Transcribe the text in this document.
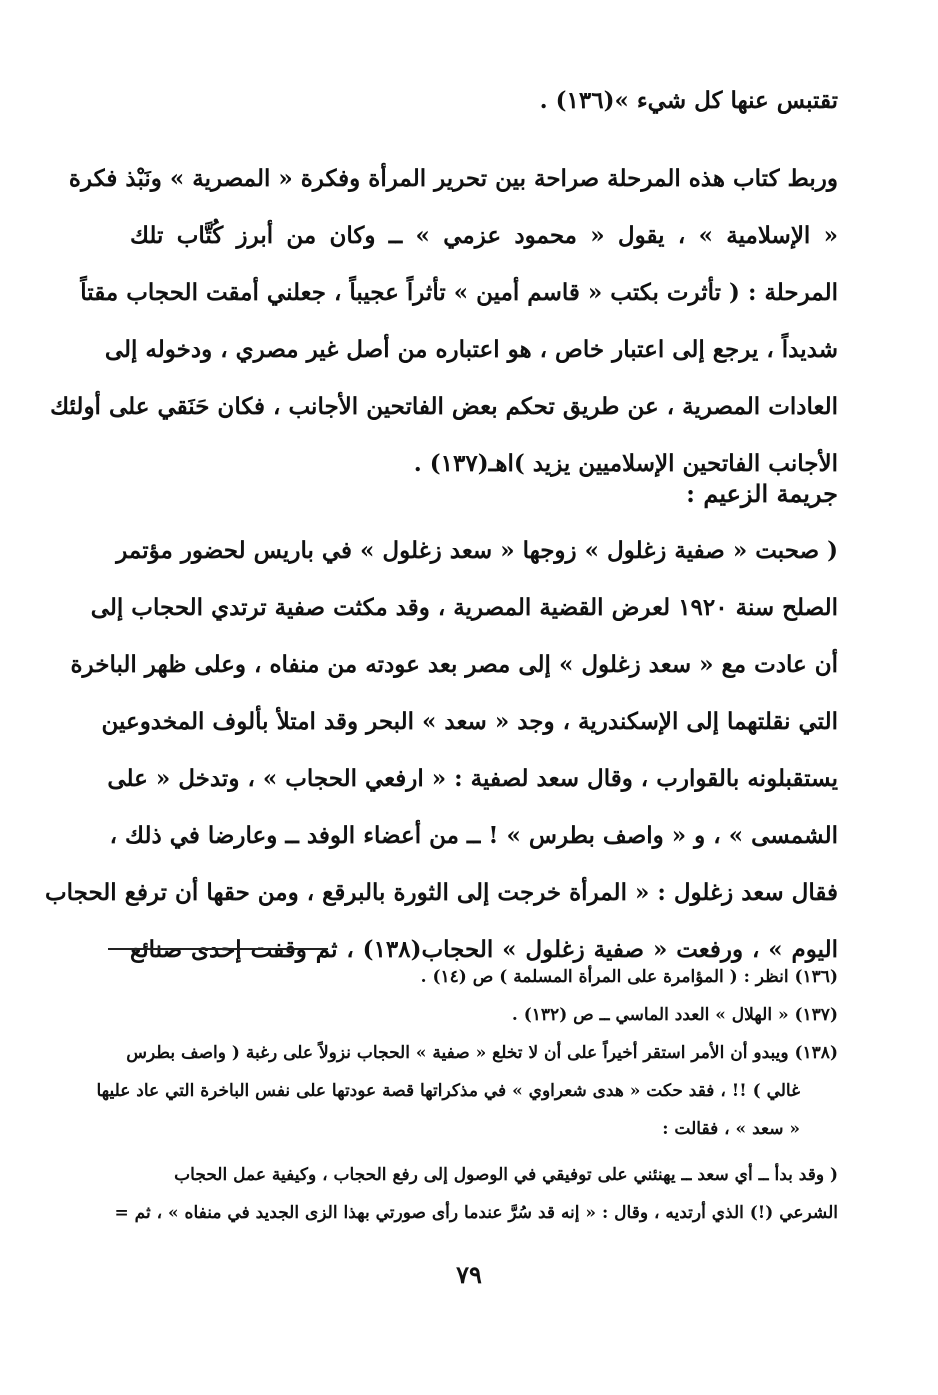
تقتبس عنها كل شيء »(١٣٦) .
وربط كتاب هذه المرحلة صراحة بين تحرير المرأة وفكرة « المصرية » ونَبْذ فكرة
« الإسلامية » ، يقول « محمود عزمي » ــ وكان من أبرز كُتَّاب تلك
المرحلة : ( تأثرت بكتب « قاسم أمين » تأثراً عجيباً ، جعلني أمقت الحجاب مقتاً
شديداً ، يرجع إلى اعتبار خاص ، هو اعتباره من أصل غير مصري ، ودخوله إلى
العادات المصرية ، عن طريق تحكم بعض الفاتحين الأجانب ، فكان حَنَقي على أولئك
الأجانب الفاتحين الإسلاميين يزيد )اهـ(١٣٧) .
جريمة الزعيم :
( صحبت « صفية زغلول » زوجها « سعد زغلول » في باريس لحضور مؤتمر
الصلح سنة ١٩٢٠ لعرض القضية المصرية ، وقد مكثت صفية ترتدي الحجاب إلى
أن عادت مع « سعد زغلول » إلى مصر بعد عودته من منفاه ، وعلى ظهر الباخرة
التي نقلتهما إلى الإسكندرية ، وجد « سعد » البحر وقد امتلأ بألوف المخدوعين
يستقبلونه بالقوارب ، وقال سعد لصفية : « ارفعي الحجاب » ، وتدخل « على
الشمسى » ، و « واصف بطرس » ! ــ من أعضاء الوفد ــ وعارضا في ذلك ،
فقال سعد زغلول : « المرأة خرجت إلى الثورة بالبرقع ، ومن حقها أن ترفع الحجاب
اليوم » ، ورفعت « صفية زغلول » الحجاب(١٣٨) ، ثم وقفت إحدى صنائع
(١٣٦) انظر : ( المؤامرة على المرأة المسلمة ) ص (١٤) .
(١٣٧) « الهلال » العدد الماسي ــ ص (١٣٢) .
(١٣٨) ويبدو أن الأمر استقر أخيراً على أن لا تخلع « صفية » الحجاب نزولاً على رغبة ( واصف بطرس
غالي ) !! ، فقد حكت « هدى شعراوي » في مذكراتها قصة عودتها على نفس الباخرة التي عاد عليها
« سعد » ، فقالت :
( وقد بدأ ــ أي سعد ــ يهنئني على توفيقي في الوصول إلى رفع الحجاب ، وكيفية عمل الحجاب
الشرعي (!) الذي أرتديه ، وقال : « إنه قد سُرَّ عندما رأى صورتي بهذا الزى الجديد في منفاه » ، ثم =
٧٩
